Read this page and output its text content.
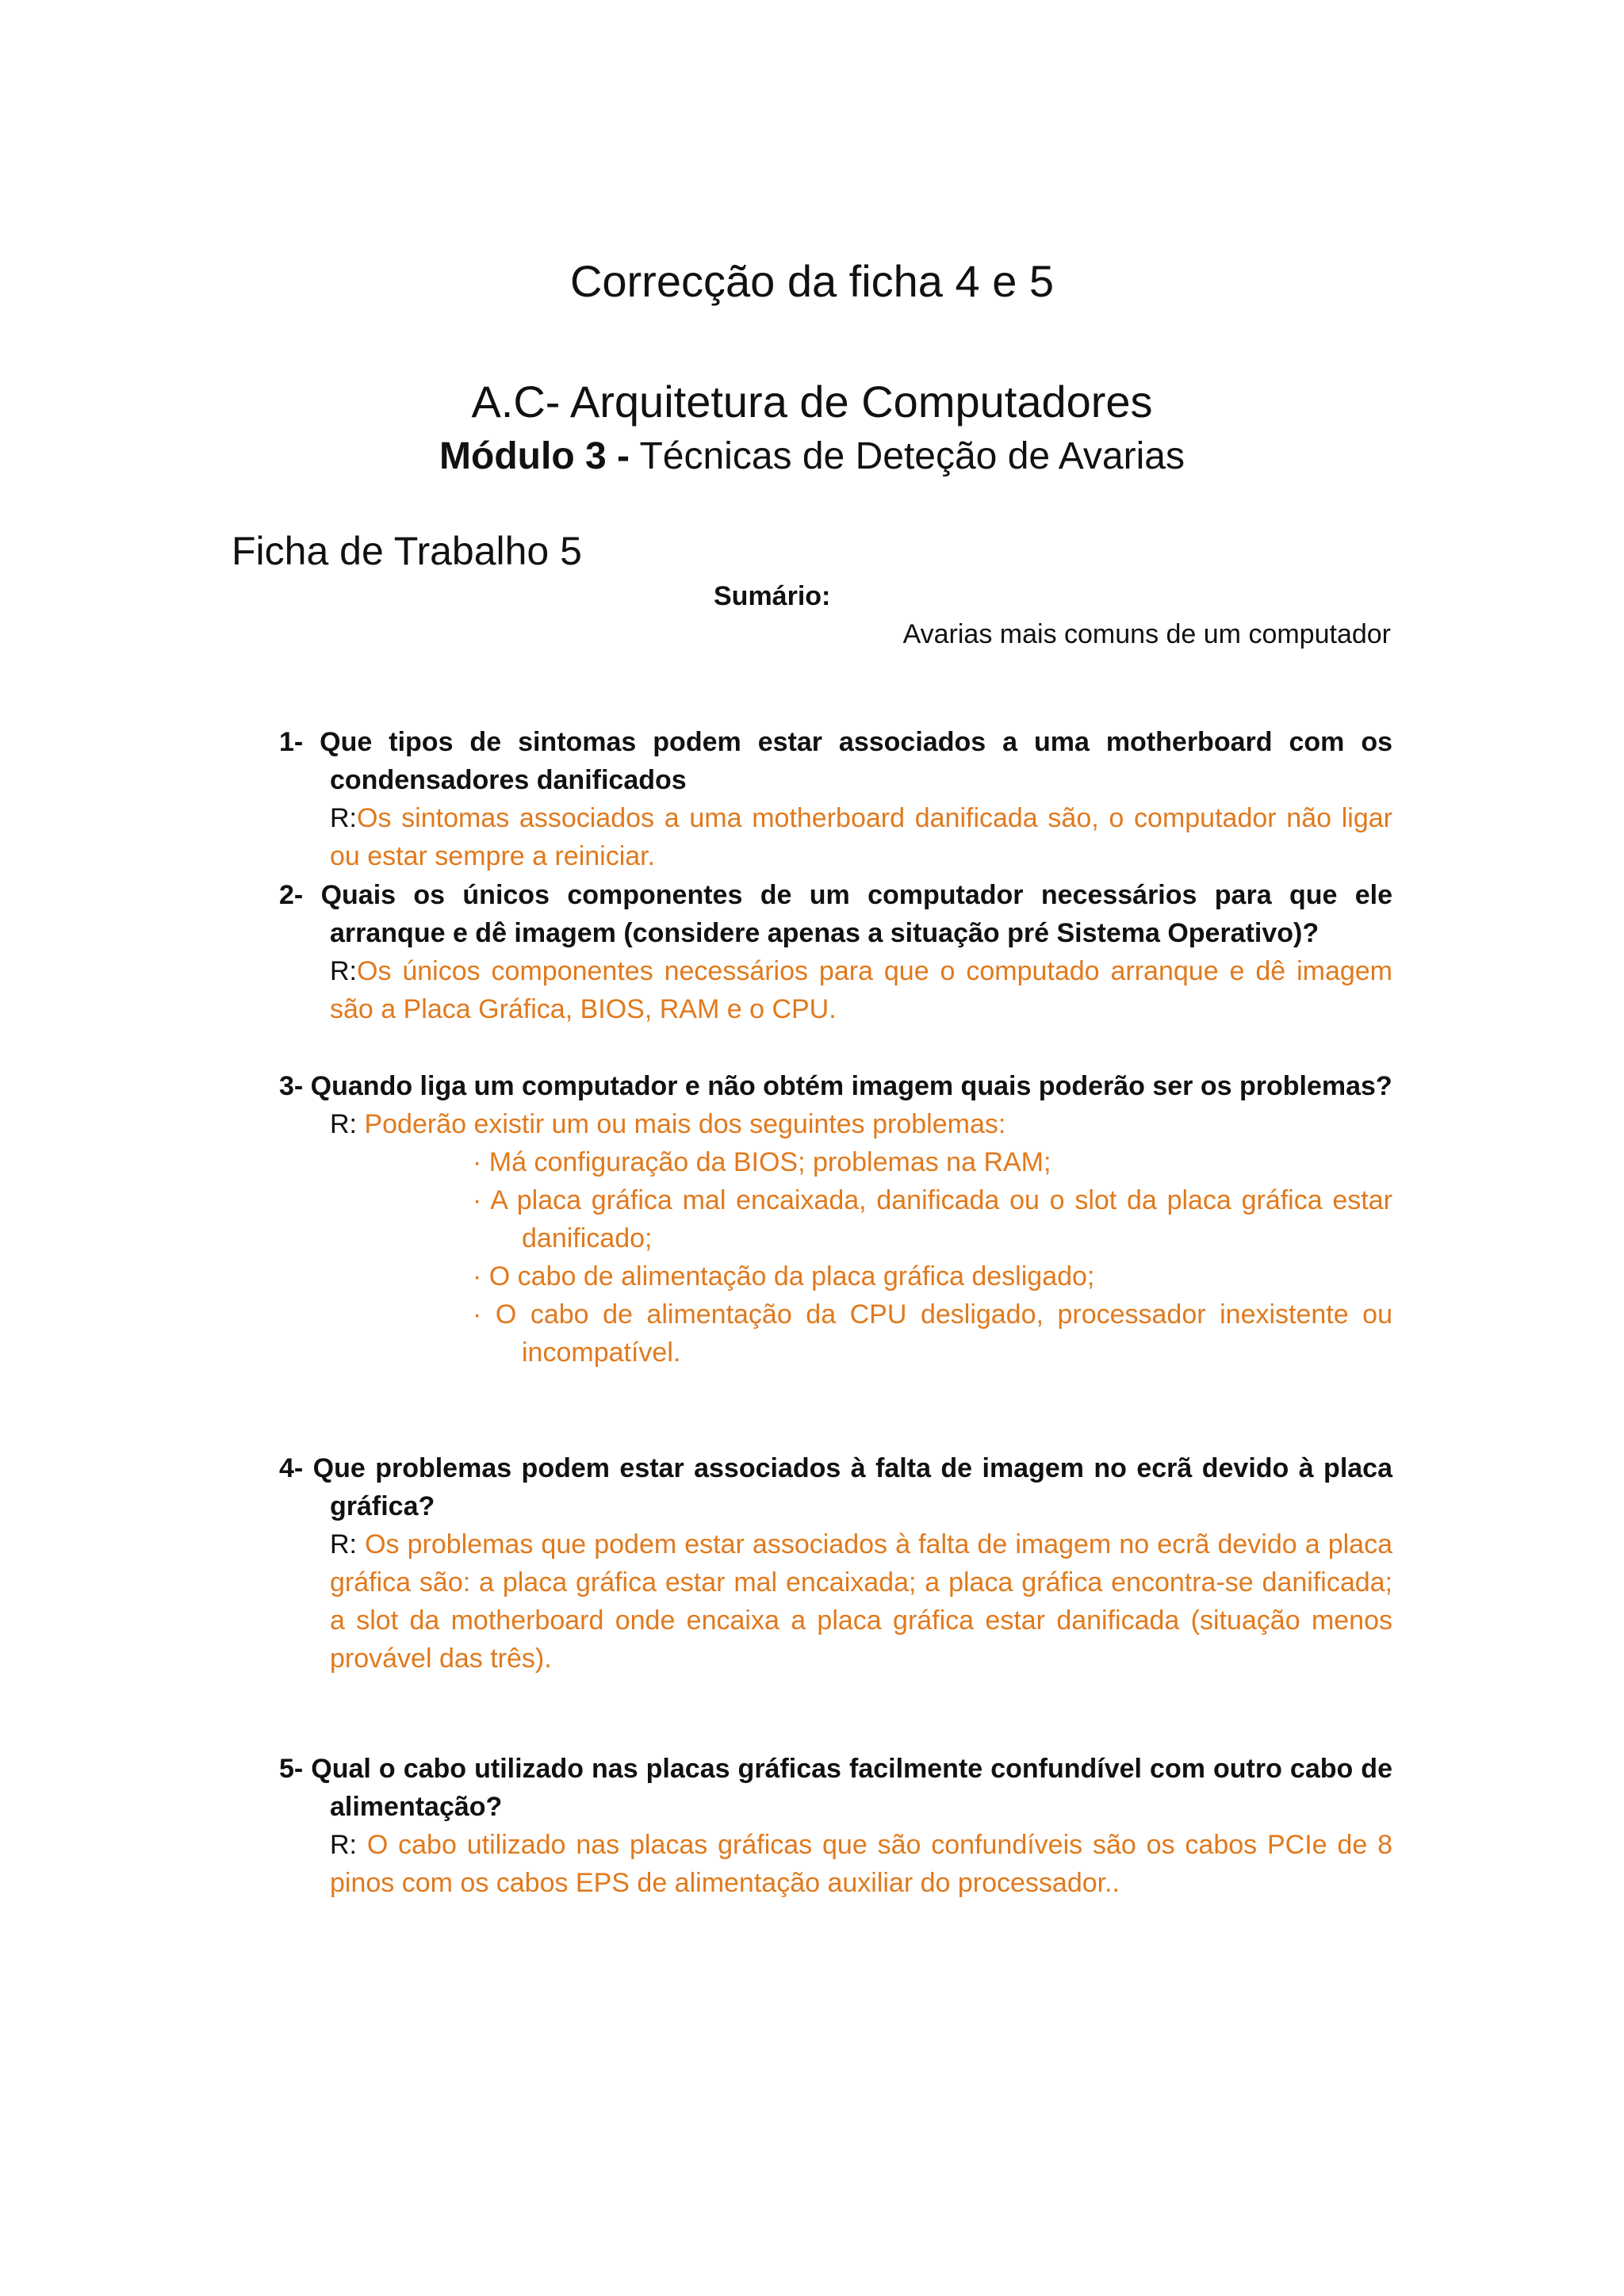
Correcção da ficha 4 e 5
A.C- Arquitetura de Computadores
Módulo 3 - Técnicas de Deteção de Avarias
Ficha de Trabalho 5
Sumário:
Avarias mais comuns de um computador
1- Que tipos de sintomas podem estar associados a uma motherboard com os condensadores danificados
R:Os sintomas associados a uma motherboard danificada são, o computador não ligar ou estar sempre a reiniciar.
2- Quais os únicos componentes de um computador necessários para que ele arranque e dê imagem (considere apenas a situação pré Sistema Operativo)?
R:Os únicos componentes necessários para que o computado arranque e dê imagem são a Placa Gráfica, BIOS, RAM e o CPU.
3- Quando liga um computador e não obtém imagem quais poderão ser os problemas?
R: Poderão existir um ou mais dos seguintes problemas:
· Má configuração da BIOS; problemas na RAM;
· A placa gráfica mal encaixada, danificada ou o slot da placa gráfica estar danificado;
· O cabo de alimentação da placa gráfica desligado;
· O cabo de alimentação da CPU desligado, processador inexistente ou incompatível.
4- Que problemas podem estar associados à falta de imagem no ecrã devido à placa gráfica?
R: Os problemas que podem estar associados à falta de imagem no ecrã devido a placa gráfica são: a placa gráfica estar mal encaixada; a placa gráfica encontra-se danificada; a slot da motherboard onde encaixa a placa gráfica estar danificada (situação menos provável das três).
5- Qual o cabo utilizado nas placas gráficas facilmente confundível com outro cabo de alimentação?
R: O cabo utilizado nas placas gráficas que são confundíveis são os cabos PCIe de 8 pinos com os cabos EPS de alimentação auxiliar do processador..
